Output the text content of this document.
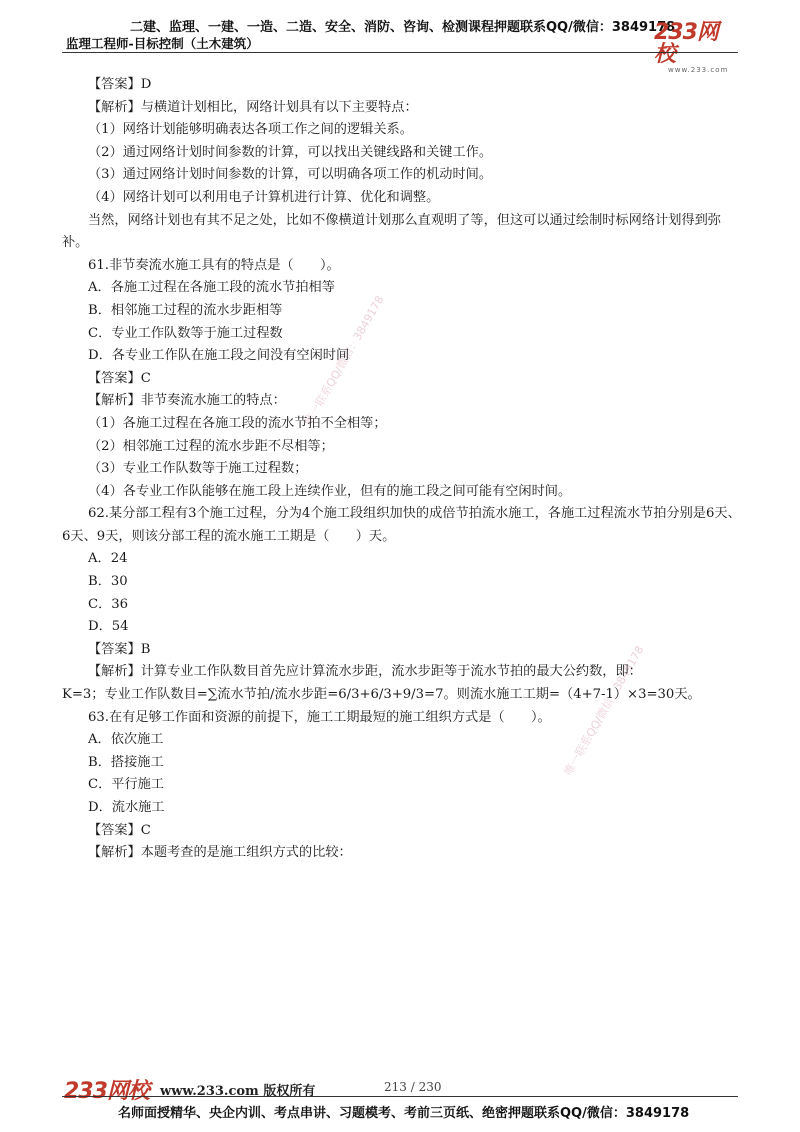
二建、监理、一建、一造、二造、安全、消防、咨询、检测课程押题联系QQ/微信：3849178
监理工程师-目标控制（土木建筑）	233网校
www.233.com
唯一联系QQ/微信：3849178
唯一联系QQ/微信：3849178

【答案】D

【解析】与横道计划相比，网络计划具有以下主要特点：

（1）网络计划能够明确表达各项工作之间的逻辑关系。

（2）通过网络计划时间参数的计算，可以找出关键线路和关键工作。

（3）通过网络计划时间参数的计算，可以明确各项工作的机动时间。

（4）网络计划可以利用电子计算机进行计算、优化和调整。

当然，网络计划也有其不足之处，比如不像横道计划那么直观明了等，但这可以通过绘制时标网络计划得到弥补。

61.非节奏流水施工具有的特点是（　　）。

A．各施工过程在各施工段的流水节拍相等

B．相邻施工过程的流水步距相等

C．专业工作队数等于施工过程数

D．各专业工作队在施工段之间没有空闲时间

【答案】C

【解析】非节奏流水施工的特点：

（1）各施工过程在各施工段的流水节拍不全相等；

（2）相邻施工过程的流水步距不尽相等；

（3）专业工作队数等于施工过程数；

（4）各专业工作队能够在施工段上连续作业，但有的施工段之间可能有空闲时间。

62.某分部工程有3个施工过程，分为4个施工段组织加快的成倍节拍流水施工，各施工过程流水节拍分别是6天、6天、9天，则该分部工程的流水施工工期是（　　）天。

A．24

B．30

C．36

D．54

【答案】B

【解析】计算专业工作队数目首先应计算流水步距，流水步距等于流水节拍的最大公约数，即：

K=3；专业工作队数目=∑流水节拍/流水步距=6/3+6/3+9/3=7。则流水施工工期=（4+7-1）×3=30天。

63.在有足够工作面和资源的前提下，施工工期最短的施工组织方式是（　　）。

A．依次施工

B．搭接施工

C．平行施工

D．流水施工

【答案】C

【解析】本题考查的是施工组织方式的比较：

233网校 www.233.com 版权所有	213 / 230
名师面授精华、央企内训、考点串讲、习题模考、考前三页纸、绝密押题联系QQ/微信：3849178
